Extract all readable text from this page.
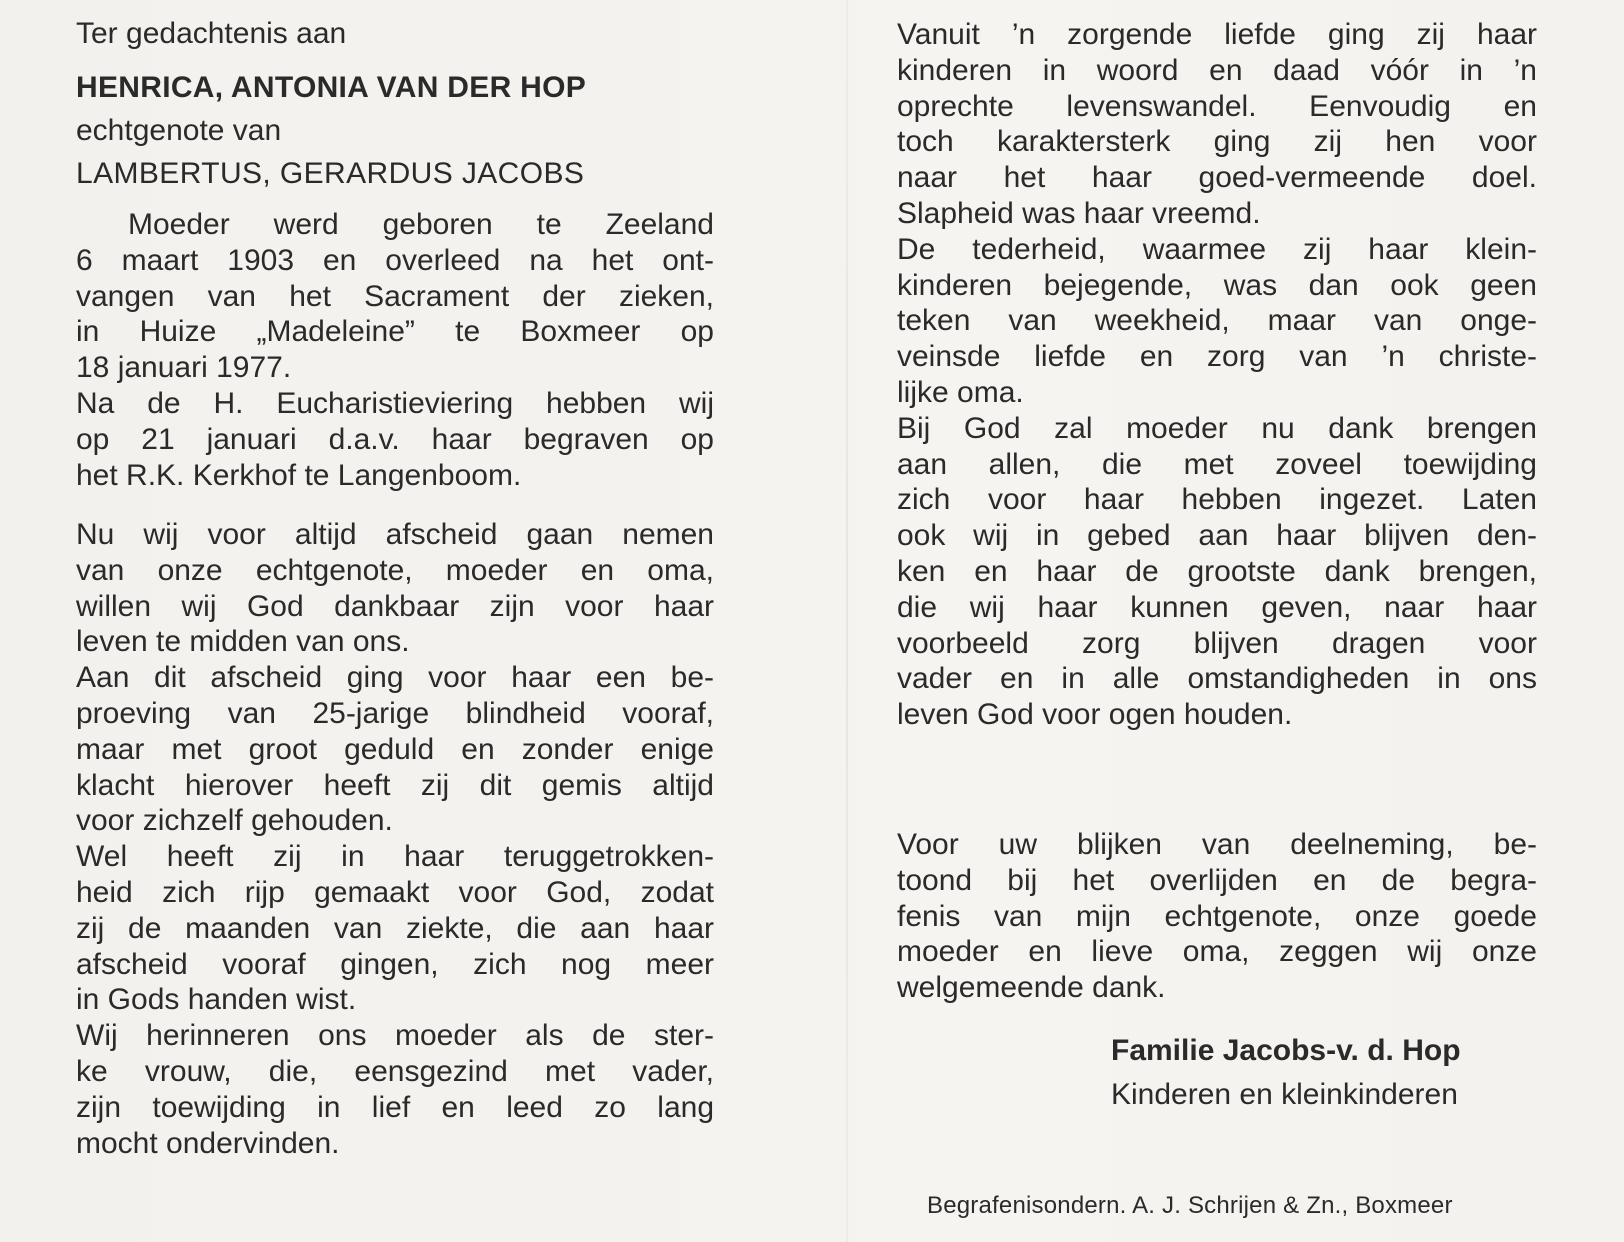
Ter gedachtenis aan
HENRICA, ANTONIA VAN DER HOP
echtgenote van
LAMBERTUS, GERARDUS JACOBS
Moeder werd geboren te Zeeland
6 maart 1903 en overleed na het ont-
vangen van het Sacrament der zieken,
in Huize „Madeleine” te Boxmeer op
18 januari 1977.
Na de H. Eucharistieviering hebben wij
op 21 januari d.a.v. haar begraven op
het R.K. Kerkhof te Langenboom.
Nu wij voor altijd afscheid gaan nemen
van onze echtgenote, moeder en oma,
willen wij God dankbaar zijn voor haar
leven te midden van ons.
Aan dit afscheid ging voor haar een be-
proeving van 25-jarige blindheid vooraf,
maar met groot geduld en zonder enige
klacht hierover heeft zij dit gemis altijd
voor zichzelf gehouden.
Wel heeft zij in haar teruggetrokken-
heid zich rijp gemaakt voor God, zodat
zij de maanden van ziekte, die aan haar
afscheid vooraf gingen, zich nog meer
in Gods handen wist.
Wij herinneren ons moeder als de ster-
ke vrouw, die, eensgezind met vader,
zijn toewijding in lief en leed zo lang
mocht ondervinden.
Vanuit ’n zorgende liefde ging zij haar
kinderen in woord en daad vóór in ’n
oprechte levenswandel. Eenvoudig en
toch karaktersterk ging zij hen voor
naar het haar goed-vermeende doel.
Slapheid was haar vreemd.
De tederheid, waarmee zij haar klein-
kinderen bejegende, was dan ook geen
teken van weekheid, maar van onge-
veinsde liefde en zorg van ’n christe-
lijke oma.
Bij God zal moeder nu dank brengen
aan allen, die met zoveel toewijding
zich voor haar hebben ingezet. Laten
ook wij in gebed aan haar blijven den-
ken en haar de grootste dank brengen,
die wij haar kunnen geven, naar haar
voorbeeld zorg blijven dragen voor
vader en in alle omstandigheden in ons
leven God voor ogen houden.
Voor uw blijken van deelneming, be-
toond bij het overlijden en de begra-
fenis van mijn echtgenote, onze goede
moeder en lieve oma, zeggen wij onze
welgemeende dank.
Familie Jacobs-v. d. Hop
Kinderen en kleinkinderen
Begrafenisondern. A. J. Schrijen & Zn., Boxmeer
